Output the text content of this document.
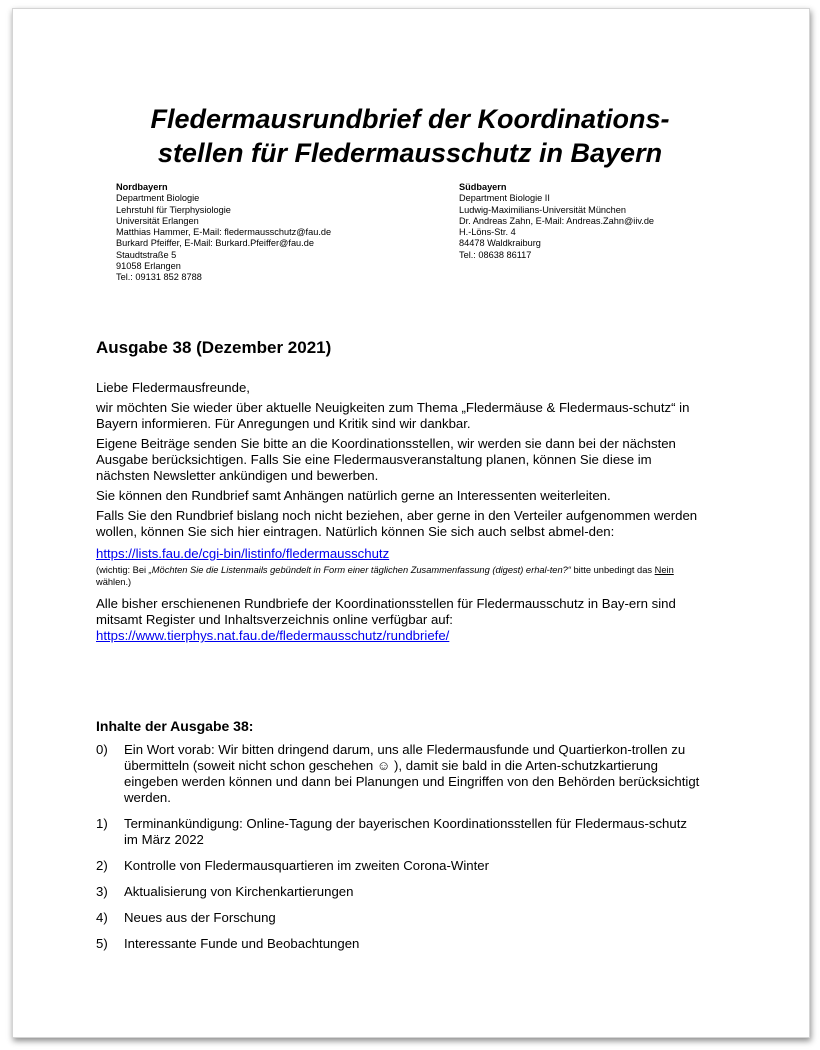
Fledermausrundbrief der Koordinations-
stellen für Fledermausschutz in Bayern
Nordbayern
Department Biologie
Lehrstuhl für Tierphysiologie
Universität Erlangen
Matthias Hammer, E-Mail: fledermausschutz@fau.de
Burkard Pfeiffer, E-Mail: Burkard.Pfeiffer@fau.de
Staudtstraße 5
91058 Erlangen
Tel.: 09131 852 8788
Südbayern
Department Biologie II
Ludwig-Maximilians-Universität München
Dr. Andreas Zahn, E-Mail: Andreas.Zahn@iiv.de
H.-Löns-Str. 4
84478 Waldkraiburg
Tel.: 08638 86117
Ausgabe 38 (Dezember 2021)

Liebe Fledermausfreunde,

wir möchten Sie wieder über aktuelle Neuigkeiten zum Thema „Fledermäuse & Fledermaus-schutz“ in Bayern informieren. Für Anregungen und Kritik sind wir dankbar.

Eigene Beiträge senden Sie bitte an die Koordinationsstellen, wir werden sie dann bei der nächsten Ausgabe berücksichtigen. Falls Sie eine Fledermausveranstaltung planen, können Sie diese im nächsten Newsletter ankündigen und bewerben.

Sie können den Rundbrief samt Anhängen natürlich gerne an Interessenten weiterleiten.

Falls Sie den Rundbrief bislang noch nicht beziehen, aber gerne in den Verteiler aufgenommen werden wollen, können Sie sich hier eintragen. Natürlich können Sie sich auch selbst abmel-den:

https://lists.fau.de/cgi-bin/listinfo/fledermausschutz

(wichtig: Bei „Möchten Sie die Listenmails gebündelt in Form einer täglichen Zusammenfassung (digest) erhal-ten?“ bitte unbedingt das Nein wählen.)

Alle bisher erschienenen Rundbriefe der Koordinationsstellen für Fledermausschutz in Bay-ern sind mitsamt Register und Inhaltsverzeichnis online verfügbar auf:

https://www.tierphys.nat.fau.de/fledermausschutz/rundbriefe/

Inhalte der Ausgabe 38:
0)	Ein Wort vorab: Wir bitten dringend darum, uns alle Fledermausfunde und Quartierkon-trollen zu übermitteln (soweit nicht schon geschehen ☺ ), damit sie bald in die Arten-schutzkartierung eingeben werden können und dann bei Planungen und Eingriffen von den Behörden berücksichtigt werden.
1)	Terminankündigung: Online-Tagung der bayerischen Koordinationsstellen für Fledermaus-schutz im März 2022
2)	Kontrolle von Fledermausquartieren im zweiten Corona-Winter
3)	Aktualisierung von Kirchenkartierungen
4)	Neues aus der Forschung
5)	Interessante Funde und Beobachtungen
